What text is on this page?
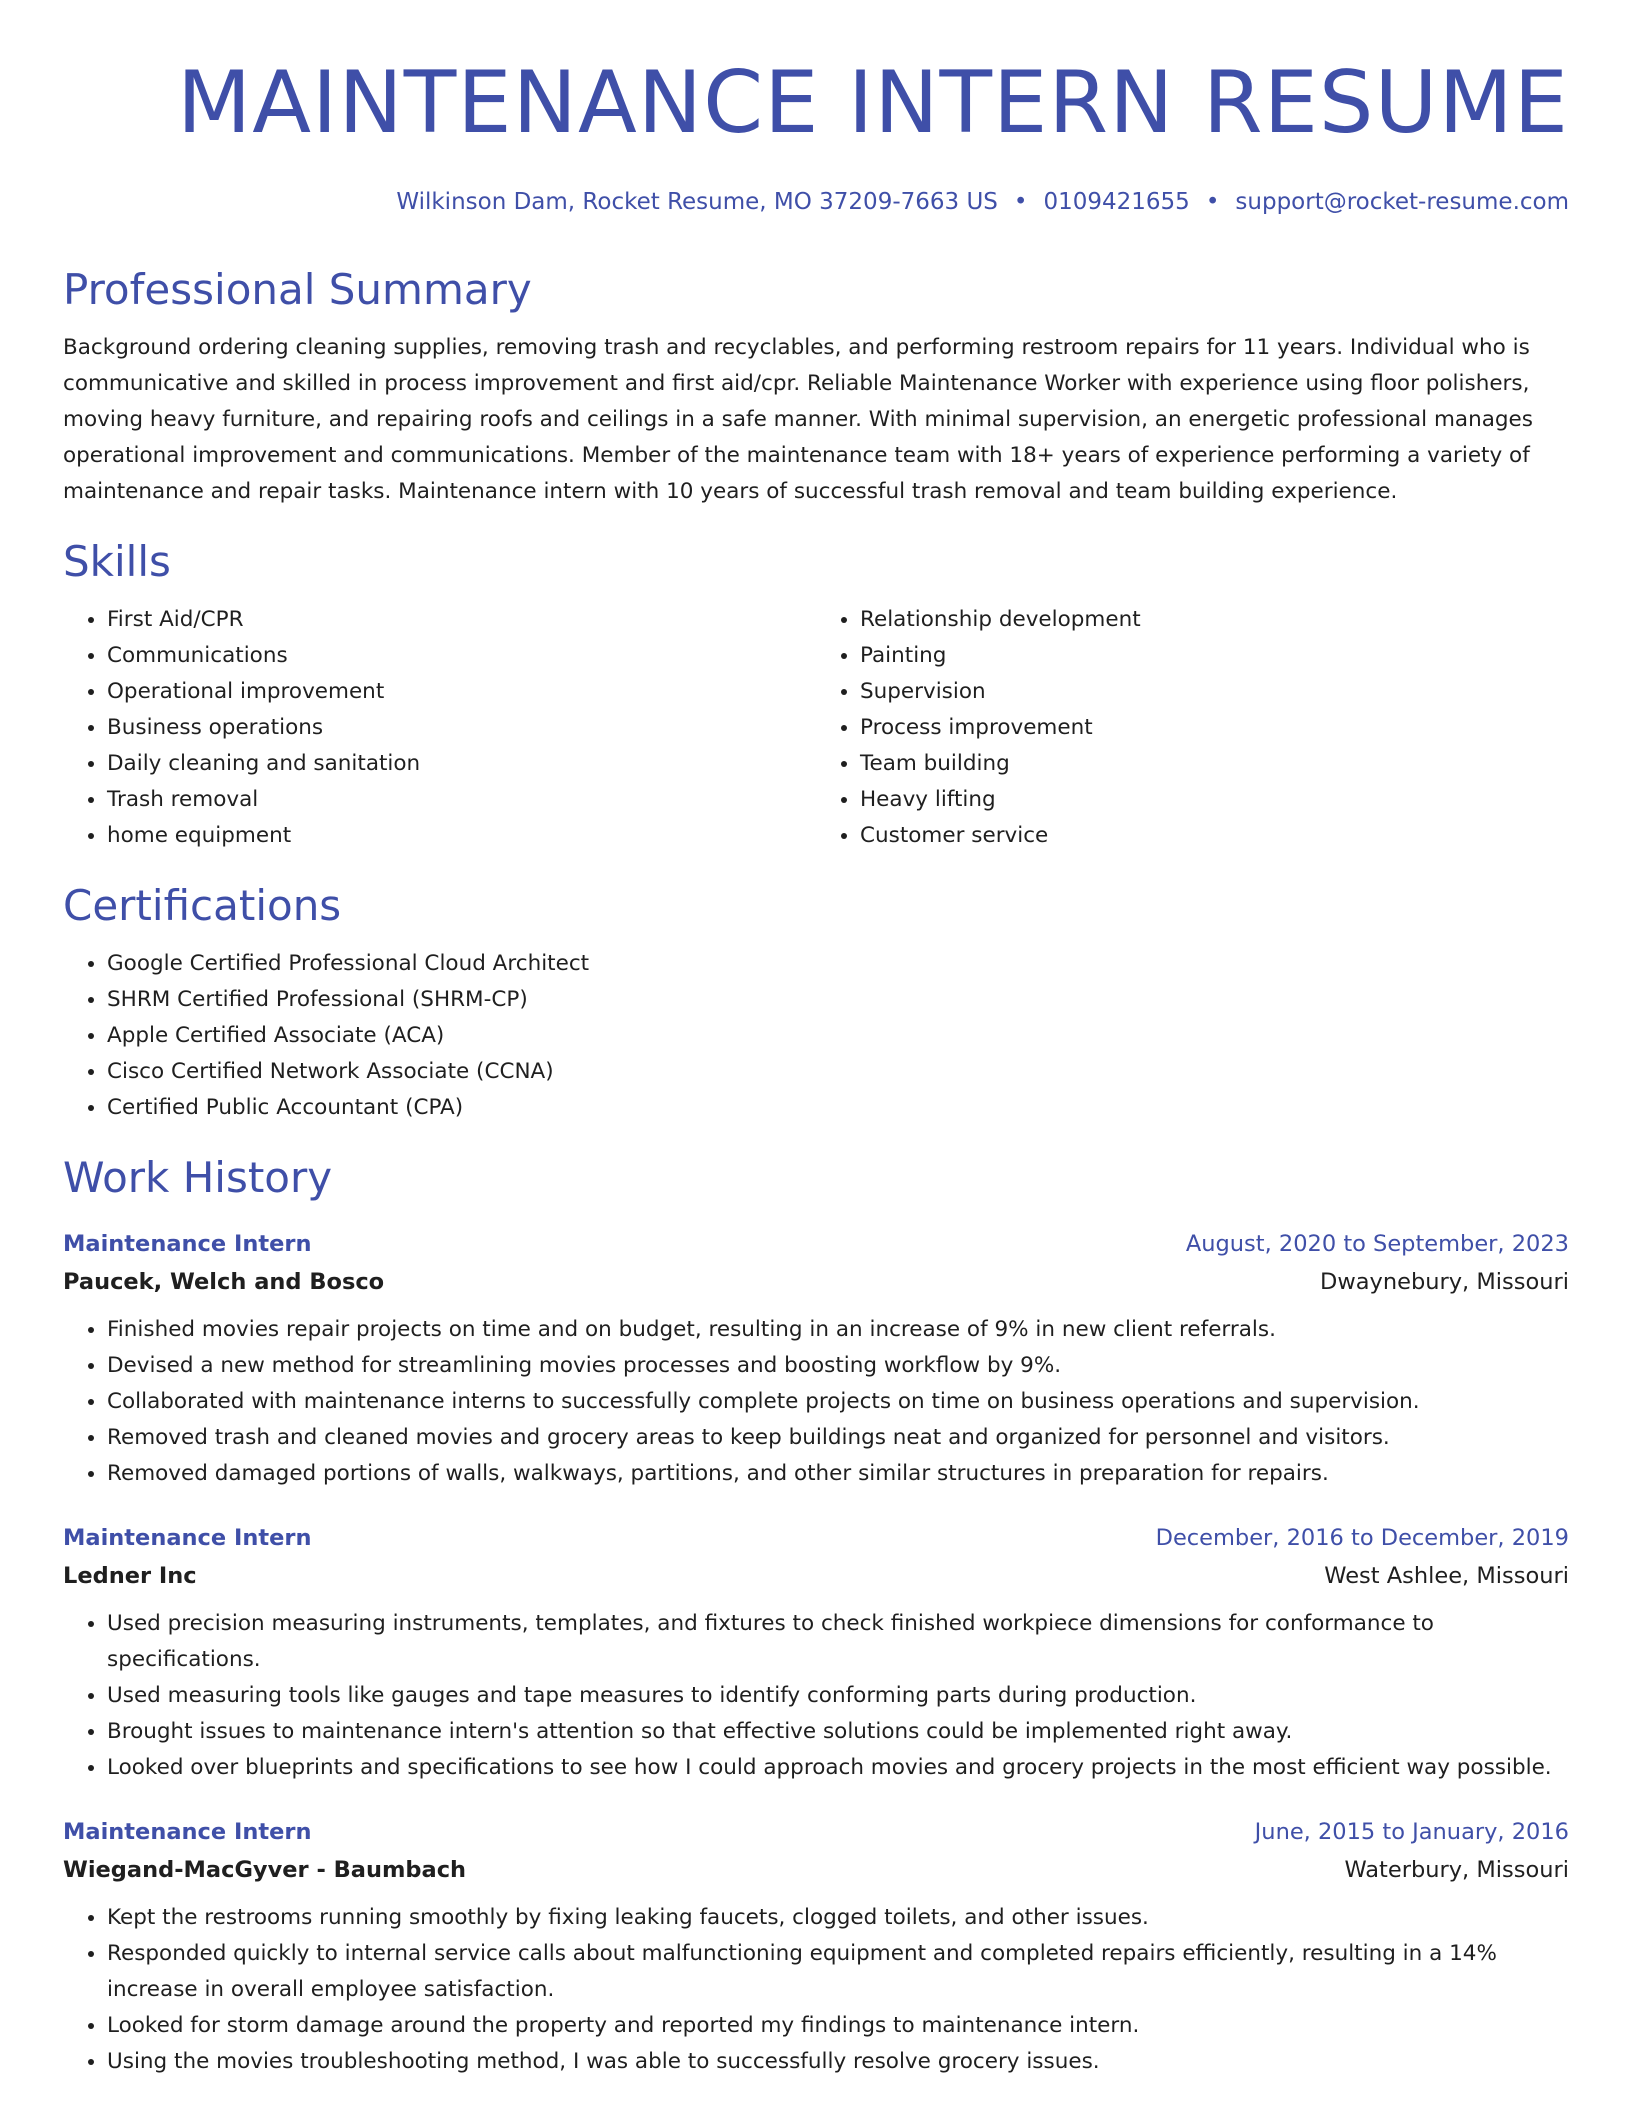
MAINTENANCE INTERN RESUME
Wilkinson Dam, Rocket Resume, MO 37209-7663 US • 0109421655 • support@rocket-resume.com
Professional Summary

Background ordering cleaning supplies, removing trash and recyclables, and performing restroom repairs for 11 years. Individual who is communicative and skilled in process improvement and first aid/cpr. Reliable Maintenance Worker with experience using floor polishers, moving heavy furniture, and repairing roofs and ceilings in a safe manner. With minimal supervision, an energetic professional manages operational improvement and communications. Member of the maintenance team with 18+ years of experience performing a variety of maintenance and repair tasks. Maintenance intern with 10 years of successful trash removal and team building experience.

Skills
• First Aid/CPR
• Communications
• Operational improvement
• Business operations
• Daily cleaning and sanitation
• Trash removal
• home equipment
• Relationship development
• Painting
• Supervision
• Process improvement
• Team building
• Heavy lifting
• Customer service
Certifications
• Google Certified Professional Cloud Architect
• SHRM Certified Professional (SHRM-CP)
• Apple Certified Associate (ACA)
• Cisco Certified Network Associate (CCNA)
• Certified Public Accountant (CPA)
Work History
Maintenance Intern	August, 2020 to September, 2023
Paucek, Welch and Bosco	Dwaynebury, Missouri
• Finished movies repair projects on time and on budget, resulting in an increase of 9% in new client referrals.
• Devised a new method for streamlining movies processes and boosting workflow by 9%.
• Collaborated with maintenance interns to successfully complete projects on time on business operations and supervision.
• Removed trash and cleaned movies and grocery areas to keep buildings neat and organized for personnel and visitors.
• Removed damaged portions of walls, walkways, partitions, and other similar structures in preparation for repairs.
Maintenance Intern	December, 2016 to December, 2019
Ledner Inc	West Ashlee, Missouri
• Used precision measuring instruments, templates, and fixtures to check finished workpiece dimensions for conformance to specifications.
• Used measuring tools like gauges and tape measures to identify conforming parts during production.
• Brought issues to maintenance intern's attention so that effective solutions could be implemented right away.
• Looked over blueprints and specifications to see how I could approach movies and grocery projects in the most efficient way possible.
Maintenance Intern	June, 2015 to January, 2016
Wiegand-MacGyver - Baumbach	Waterbury, Missouri
• Kept the restrooms running smoothly by fixing leaking faucets, clogged toilets, and other issues.
• Responded quickly to internal service calls about malfunctioning equipment and completed repairs efficiently, resulting in a 14% increase in overall employee satisfaction.
• Looked for storm damage around the property and reported my findings to maintenance intern.
• Using the movies troubleshooting method, I was able to successfully resolve grocery issues.
